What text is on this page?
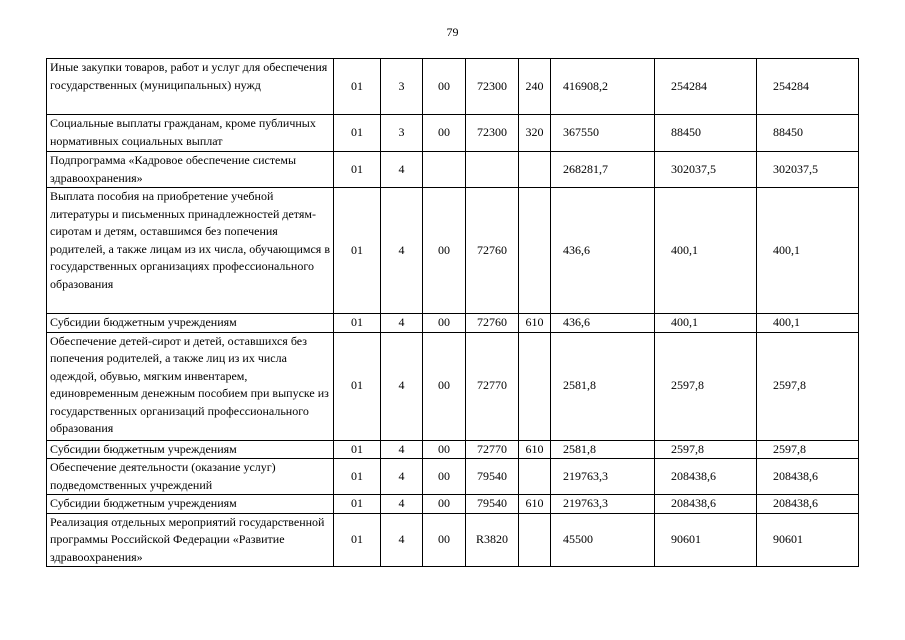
79
Иные закупки товаров, работ и услуг для обеспечения государственных (муниципальных) нужд	01	3	00	72300	240	416908,2	254284	254284
Социальные выплаты гражданам, кроме публичных нормативных социальных выплат	01	3	00	72300	320	367550	88450	88450
Подпрограмма «Кадровое обеспечение системы здравоохранения»	01	4				268281,7	302037,5	302037,5
Выплата пособия на приобретение учебной литературы и письменных принадлежностей детям-сиротам и детям, оставшимся без попечения родителей, а также лицам из их числа, обучающимся в государственных организациях профессионального образования	01	4	00	72760		436,6	400,1	400,1
Субсидии бюджетным учреждениям	01	4	00	72760	610	436,6	400,1	400,1
Обеспечение детей-сирот и детей, оставшихся без попечения родителей, а также лиц из их числа одеждой, обувью, мягким инвентарем, единовременным денежным пособием при выпуске из государственных организаций профессионального образования	01	4	00	72770		2581,8	2597,8	2597,8
Субсидии бюджетным учреждениям	01	4	00	72770	610	2581,8	2597,8	2597,8
Обеспечение деятельности (оказание услуг) подведомственных учреждений	01	4	00	79540		219763,3	208438,6	208438,6
Субсидии бюджетным учреждениям	01	4	00	79540	610	219763,3	208438,6	208438,6
Реализация отдельных мероприятий государственной программы Российской Федерации «Развитие здравоохранения»	01	4	00	R3820		45500	90601	90601
